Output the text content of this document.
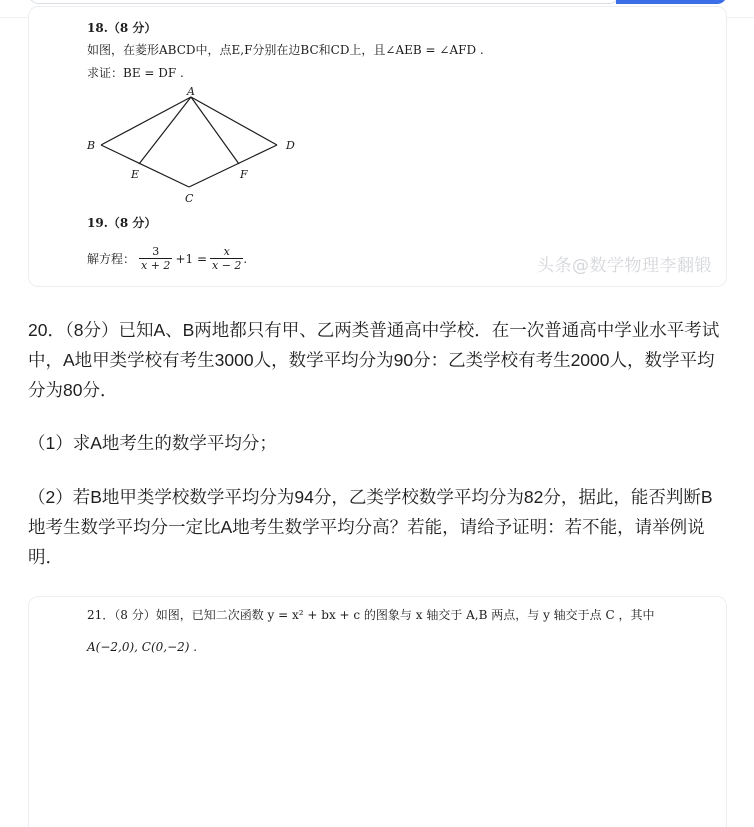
18.（8 分）
如图，在菱形ABCD中，点E,F分别在边BC和CD上，且∠AEB = ∠AFD .
求证：BE = DF .
A
B
C
D
E	F
19.（8 分）
解方程： $\frac{3}{x + 2} +1 = \frac{x}{x - 2}$ .	头条@数学物理李翻锻
20．（8分）已知A、B两地都只有甲、乙两类普通高中学校．在一次普通高中学业水平考试中，A地甲类学校有考生3000人，数学平均分为90分：乙类学校有考生2000人，数学平均分为80分．
（1）求A地考生的数学平均分；
（2）若B地甲类学校数学平均分为94分，乙类学校数学平均分为82分，据此，能否判断B地考生数学平均分一定比A地考生数学平均分高？若能，请给予证明：若不能，请举例说明．
21．（8 分）如图，已知二次函数 y = x² + bx + c 的图象与 x 轴交于 A,B 两点，与 y 轴交于点 C ，其中
A(−2,0), C(0,−2) .
